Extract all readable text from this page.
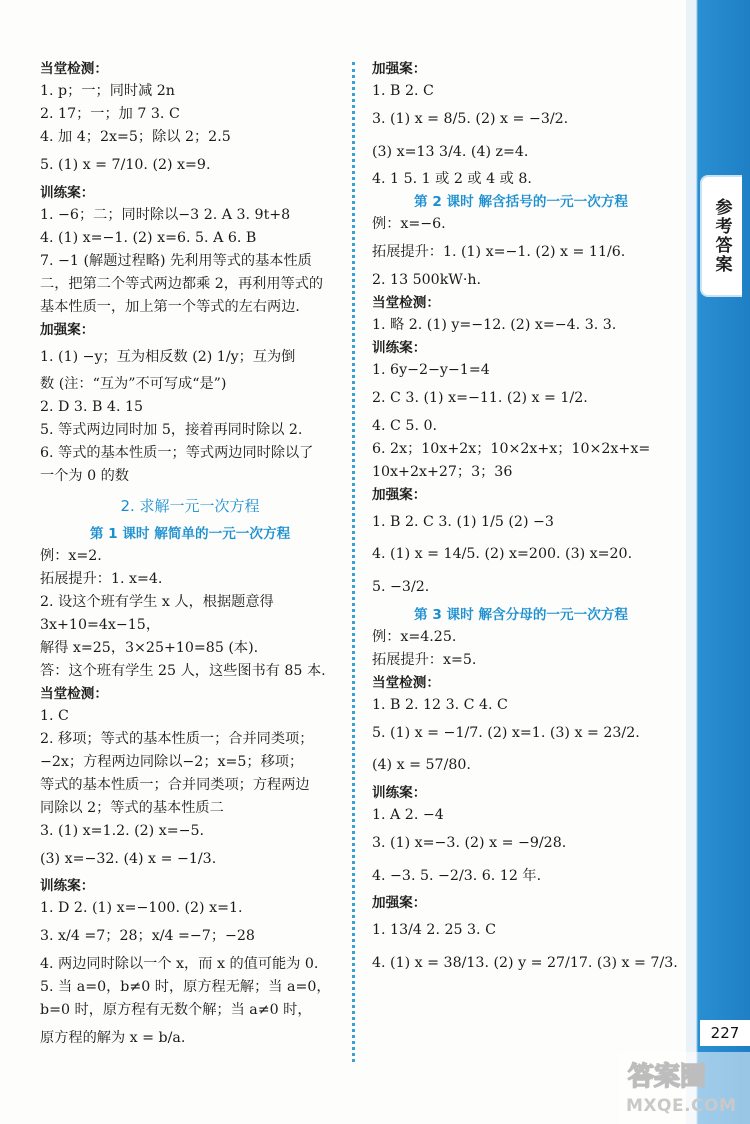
参考答案
227
当堂检测：
1. p；一；同时减 2n
2. 17；一；加 7 3. C
4. 加 4；2x=5；除以 2；2.5
5. (1) x = 7/10. (2) x=9.
训练案：
1. −6；二；同时除以−3 2. A 3. 9t+8
4. (1) x=−1. (2) x=6. 5. A 6. B
7. −1 (解题过程略) 先利用等式的基本性质
二，把第二个等式两边都乘 2，再利用等式的
基本性质一，加上第一个等式的左右两边．
加强案：
1. (1) −y；互为相反数 (2) 1/y；互为倒
数 (注：“互为”不可写成“是”)
2. D 3. B 4. 15
5. 等式两边同时加 5，接着再同时除以 2.
6. 等式的基本性质一；等式两边同时除以了
一个为 0 的数
2. 求解一元一次方程
第 1 课时 解简单的一元一次方程
例：x=2.
拓展提升：1. x=4.
2. 设这个班有学生 x 人，根据题意得
3x+10=4x−15，
解得 x=25，3×25+10=85 (本).
答：这个班有学生 25 人，这些图书有 85 本.
当堂检测：
1. C
2. 移项；等式的基本性质一；合并同类项；
−2x；方程两边同除以−2；x=5；移项；
等式的基本性质一；合并同类项；方程两边
同除以 2；等式的基本性质二
3. (1) x=1.2. (2) x=−5.
(3) x=−32. (4) x = −1/3.
训练案：
1. D 2. (1) x=−100. (2) x=1.
3. x/4 =7；28；x/4 =−7；−28
4. 两边同时除以一个 x，而 x 的值可能为 0.
5. 当 a=0，b≠0 时，原方程无解；当 a=0，
b=0 时，原方程有无数个解；当 a≠0 时，
原方程的解为 x = b/a.
加强案：
1. B 2. C
3. (1) x = 8/5. (2) x = −3/2.
(3) x=13 3/4. (4) z=4.
4. 1 5. 1 或 2 或 4 或 8.
第 2 课时 解含括号的一元一次方程
例：x=−6.
拓展提升：1. (1) x=−1. (2) x = 11/6.
2. 13 500kW·h.
当堂检测：
1. 略 2. (1) y=−12. (2) x=−4. 3. 3.
训练案：
1. 6y−2−y−1=4
2. C 3. (1) x=−11. (2) x = 1/2.
4. C 5. 0.
6. 2x；10x+2x；10×2x+x；10×2x+x=
10x+2x+27；3；36
加强案：
1. B 2. C 3. (1) 1/5 (2) −3
4. (1) x = 14/5. (2) x=200. (3) x=20.
5. −3/2.
第 3 课时 解含分母的一元一次方程
例：x=4.25.
拓展提升：x=5.
当堂检测：
1. B 2. 12 3. C 4. C
5. (1) x = −1/7. (2) x=1. (3) x = 23/2.
(4) x = 57/80.
训练案：
1. A 2. −4
3. (1) x=−3. (2) x = −9/28.
4. −3. 5. −2/3. 6. 12 年.
加强案：
1. 13/4 2. 25 3. C
4. (1) x = 38/13. (2) y = 27/17. (3) x = 7/3.
答案圈
MXQE.COM
